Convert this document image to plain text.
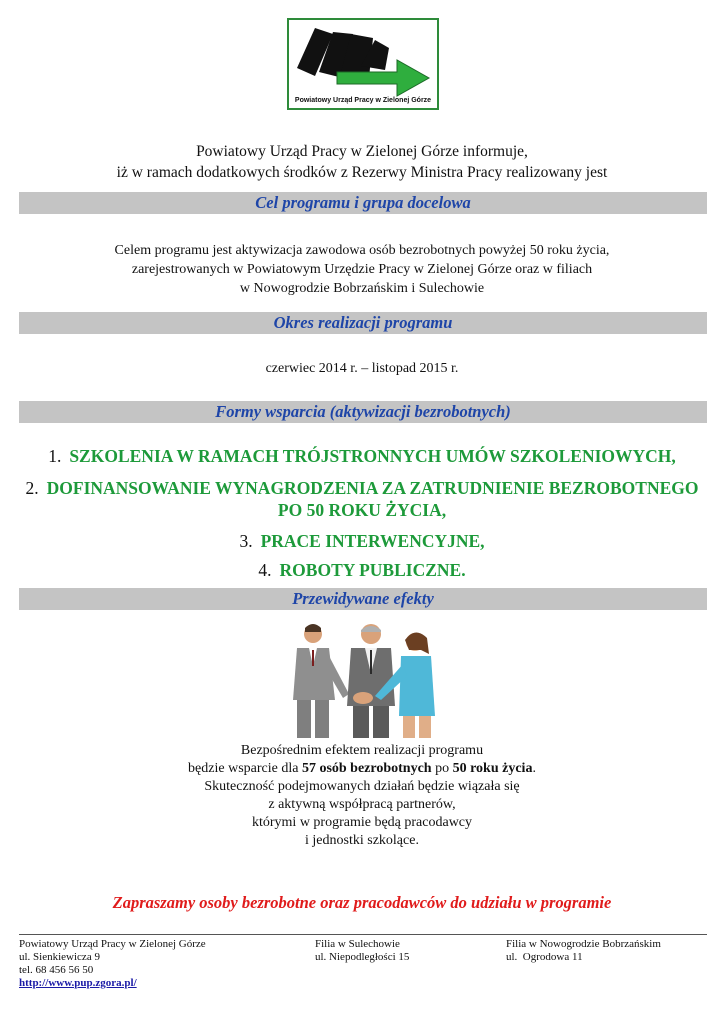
Powiatowy Urząd Pracy w Zielonej Górze
Powiatowy Urząd Pracy w Zielonej Górze informuje,
iż w ramach dodatkowych środków z Rezerwy Ministra Pracy realizowany jest
Cel programu i grupa docelowa
Celem programu jest aktywizacja zawodowa osób bezrobotnych powyżej 50 roku życia,
zarejestrowanych w Powiatowym Urzędzie Pracy w Zielonej Górze oraz w filiach
w Nowogrodzie Bobrzańskim i Sulechowie
Okres realizacji programu
czerwiec 2014 r. – listopad 2015 r.
Formy wsparcia (aktywizacji bezrobotnych)
1. SZKOLENIA W RAMACH TRÓJSTRONNYCH UMÓW SZKOLENIOWYCH,
2. DOFINANSOWANIE WYNAGRODZENIA ZA ZATRUDNIENIE BEZROBOTNEGO
PO 50 ROKU ŻYCIA,
3. PRACE INTERWENCYJNE,
4. ROBOTY PUBLICZNE.
Przewidywane efekty
Bezpośrednim efektem realizacji programu
będzie wsparcie dla 57 osób bezrobotnych po 50 roku życia.
Skuteczność podejmowanych działań będzie wiązała się
z aktywną współpracą partnerów,
którymi w programie będą pracodawcy
i jednostki szkolące.
Zapraszamy osoby bezrobotne oraz pracodawców do udziału w programie
Powiatowy Urząd Pracy w Zielonej Górze
ul. Sienkiewicza 9
tel. 68 456 56 50
http://www.pup.zgora.pl/
Filia w Sulechowie
ul. Niepodległości 15
Filia w Nowogrodzie Bobrzańskim
ul.  Ogrodowa 11
